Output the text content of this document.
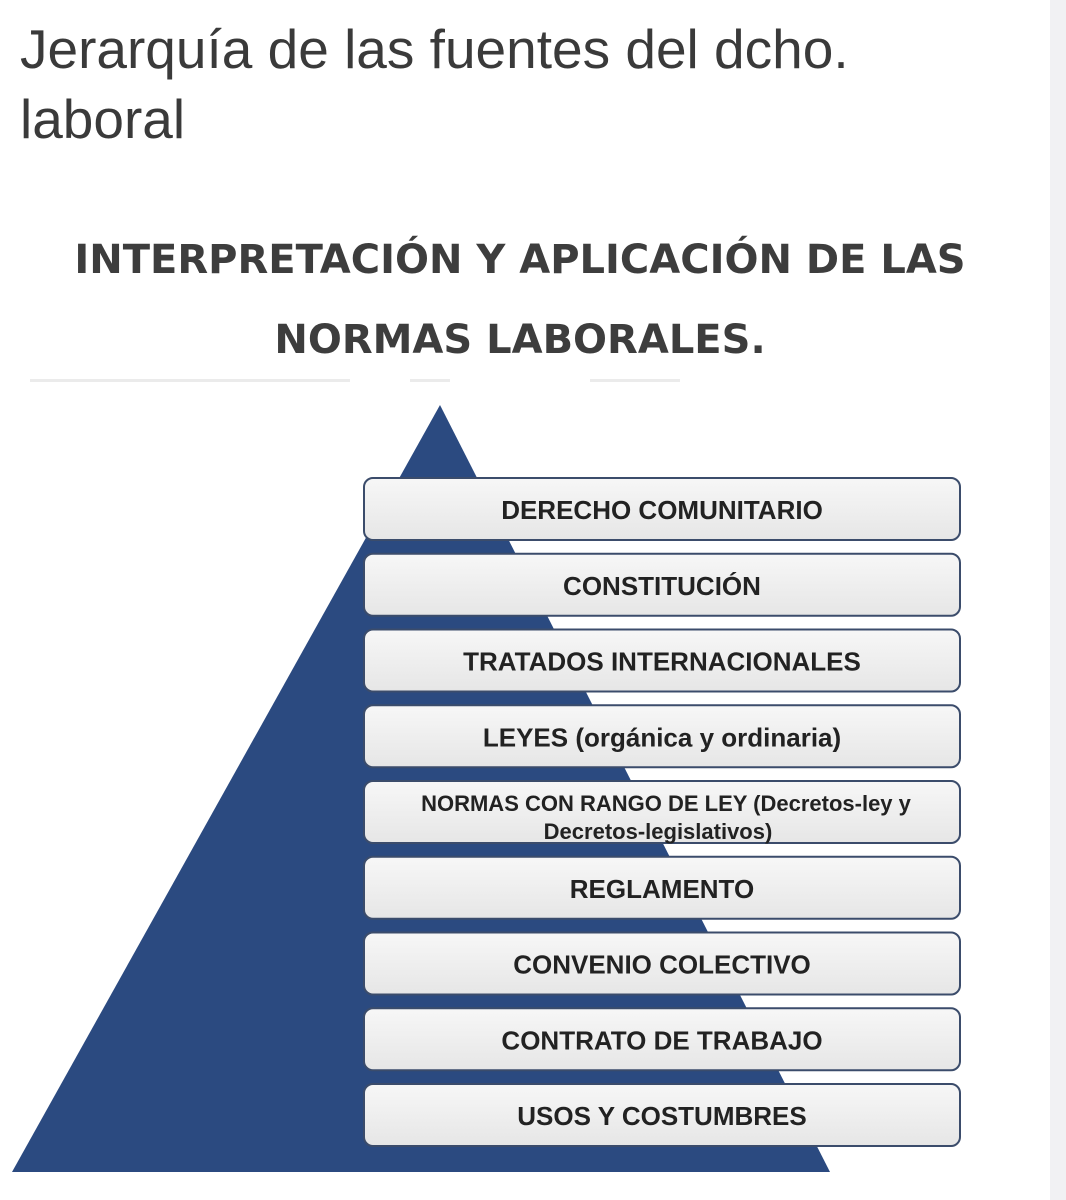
Jerarquía de las fuentes del dcho. laboral
INTERPRETACIÓN Y APLICACIÓN DE LAS NORMAS LABORALES.
DERECHO COMUNITARIO
CONSTITUCIÓN
TRATADOS INTERNACIONALES
LEYES (orgánica y ordinaria)
NORMAS CON RANGO DE LEY (Decretos-ley y
Decretos-legislativos)
REGLAMENTO
CONVENIO COLECTIVO
CONTRATO DE TRABAJO
USOS Y COSTUMBRES
